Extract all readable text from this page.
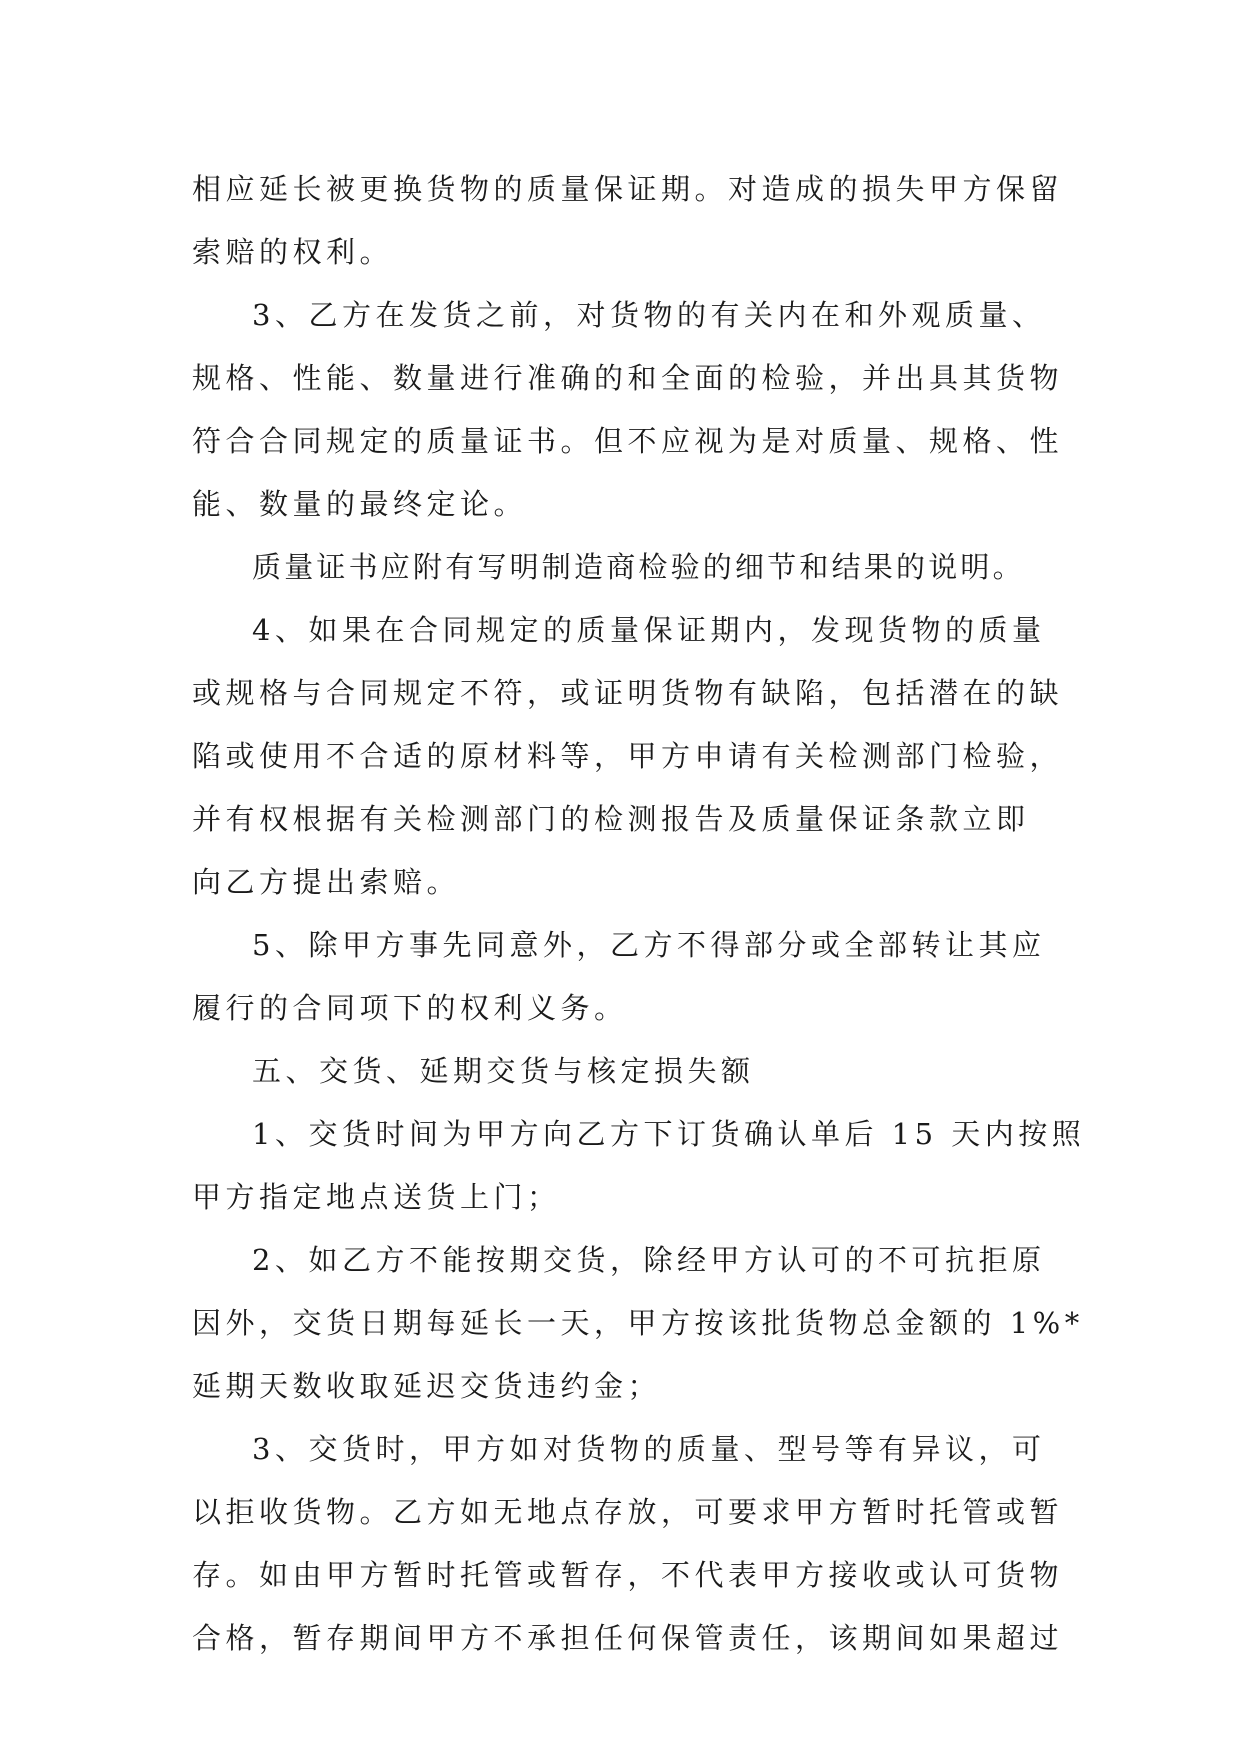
相应延长被更换货物的质量保证期。对造成的损失甲方保留
索赔的权利。
3、乙方在发货之前，对货物的有关内在和外观质量、
规格、性能、数量进行准确的和全面的检验，并出具其货物
符合合同规定的质量证书。但不应视为是对质量、规格、性
能、数量的最终定论。
质量证书应附有写明制造商检验的细节和结果的说明。
4、如果在合同规定的质量保证期内，发现货物的质量
或规格与合同规定不符，或证明货物有缺陷，包括潜在的缺
陷或使用不合适的原材料等，甲方申请有关检测部门检验，
并有权根据有关检测部门的检测报告及质量保证条款立即
向乙方提出索赔。
5、除甲方事先同意外，乙方不得部分或全部转让其应
履行的合同项下的权利义务。
五、交货、延期交货与核定损失额
1、交货时间为甲方向乙方下订货确认单后 15 天内按照
甲方指定地点送货上门；
2、如乙方不能按期交货，除经甲方认可的不可抗拒原
因外，交货日期每延长一天，甲方按该批货物总金额的 1%*
延期天数收取延迟交货违约金；
3、交货时，甲方如对货物的质量、型号等有异议，可
以拒收货物。乙方如无地点存放，可要求甲方暂时托管或暂
存。如由甲方暂时托管或暂存，不代表甲方接收或认可货物
合格，暂存期间甲方不承担任何保管责任，该期间如果超过
